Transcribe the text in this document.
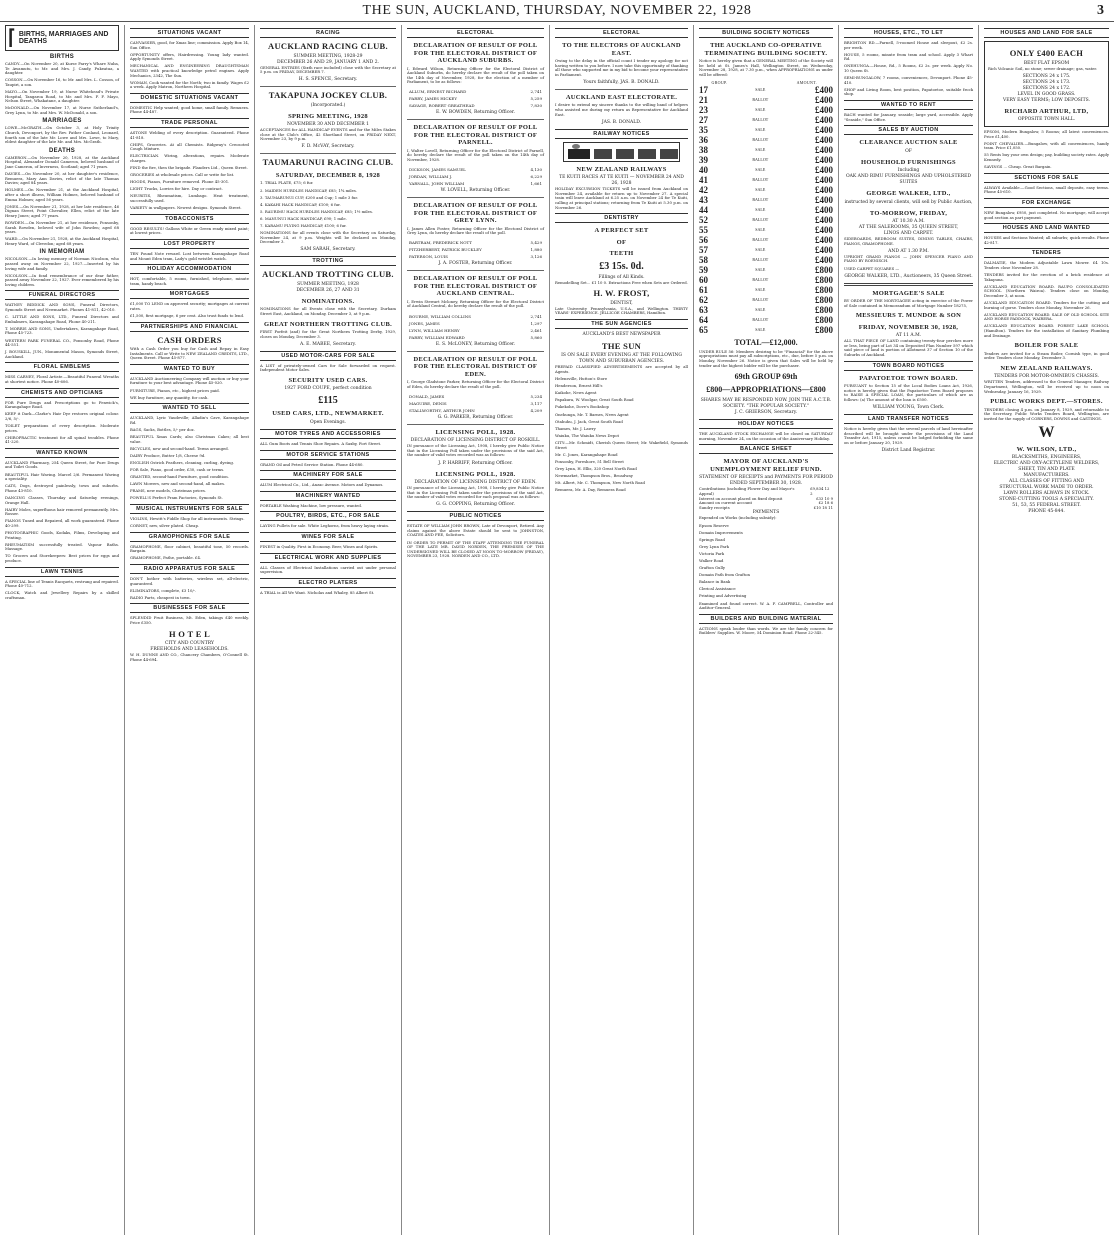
THE SUN, AUCKLAND, THURSDAY, NOVEMBER 22, 1928	3
⌈ BIRTHS, MARRIAGES AND DEATHS
BIRTHS
CANDY.—On November 20, at Kurse Parry's Whare Nuba, Te Awamutu, to Mr. and Mrs. J. Candy, Pukeatua, a daughter.
COSSON.—On November 16, to Mr. and Mrs. L. Cosson, of Taupiri, a son.
MAYO.—On November 19, at Nurse Whitehead's Private Hospital, Tangaroa Road, to Mr. and Mrs. F. F. Mayo, Nelson Street, Whakatane, a daughter.
McDONALD.—On November 17, at Nurse Sutherland's, Grey Lynn, to Mr. and Mrs. W. McDonald, a son.
MARRIAGES
LOWE—McGRATH.—On October 3, at Holy Trinity Church, Devonport, by the Rev. Father Conland, Leonard, fourth son of the late Mr. Lowe and Mrs. Lowe, to Mary, eldest daughter of the late Mr. and Mrs. McGrath.
DEATHS
CAMERON.—On November 20, 1928, at the Auckland Hospital, Alexander Donald Cameron, beloved husband of Jane Cameron, of Inverness, Scotland; aged 71 years.
DAVIES.—On November 20, at her daughter's residence, Remuera, Mary Ann Davies, relict of the late Thomas Davies; aged 84 years.
HOLMES.—On November 21, at the Auckland Hospital, after a short illness, William Holmes, beloved husband of Emma Holmes; aged 56 years.
JONES.—On November 21, 1928, at her late residence, 46 Dignan Street, Point Chevalier, Ellen, relict of the late Henry Jones; aged 77 years.
ROWDEN.—On November 21, at her residence, Ponsonby, Sarah Rowden, beloved wife of John Rowden; aged 68 years.
WARD.—On November 21, 1928, at the Auckland Hospital, Henry Ward, of Clevedon; aged 68 years.
IN MEMORIAM
NICOLSON.—In loving memory of Norman Nicolson, who passed away on November 22, 1927.—Inserted by his loving wife and family.
NICOLSON.—In fond remembrance of our dear father, passed away November 22, 1927. Ever remembered by his loving children.
FUNERAL DIRECTORS
WATNEY BIDDICK AND SONS, Funeral Directors, Symonds Street and Newmarket. Phones 41-811, 42-010.
C. LITTLE AND SONS, LTD., Funeral Directors and Embalmers, Karangahape Road, Phone 40-211.
T. MORRIS AND SONS, Undertakers, Karangahape Road, Phone 45-723.
WESTERN PARK FUNERAL CO., Ponsonby Road, Phone 44-551.
J. BOUSKILL, JUN., Monumental Mason, Symonds Street, Auckland.
FLORAL EMBLEMS
MISS CARNEY, Floral Artiste.—Beautiful Funeral Wreaths at shortest notice. Phone 40-606.
CHEMISTS AND OPTICIANS
FOR Pure Drugs and Prescriptions go to Fenwick's, Karangahape Road.
KEEP it Dark—Clarke's Hair Dye restores original colour. 2/6, 5/-.
TOILET preparations of every description. Moderate prices.
CHIROPRACTIC treatment for all spinal troubles. Phone 41-220.
WANTED KNOWN
AUCKLAND Pharmacy, 254 Queen Street, for Pure Drugs and Toilet Goods.
BEAUTIFUL Hair Waving. Marcel 2/6. Permanent Waving a speciality.
CATS, Dogs, destroyed painlessly, town and suburbs. Phone 43-810.
DANCING Classes, Thursday and Saturday evenings, Orange Hall.
HAIRY Moles, superfluous hair removed permanently. Mrs. Rosser.
PIANOS Tuned and Repaired, all work guaranteed. Phone 40-299.
PHOTOGRAPHIC Goods, Kodaks, Films, Developing and Printing.
RHEUMATISM successfully treated. Vapour Baths. Massage.
TO Grocers and Storekeepers: Best prices for eggs and produce.
LAWN TENNIS
A SPECIAL line of Tennis Racquets, restrung and repaired. Phone 40-712.
CLOCK, Watch and Jewellery Repairs by a skilled craftsman.
SITUATIONS VACANT
CANVASSER, good, for Xmas line; commission. Apply Box 14, Sun Office.
OPPORTUNITY offers, Hairdressing. Young lady wanted. Apply Symonds Street.
MECHANICAL AND ENGINEERING DRAUGHTSMAN WANTED with practical knowledge petrol engines. Apply Mechanics, 2342, The Sun.
WOMAN, Cook wanted for the North; two in family. Wages £2 a week. Apply Matron, Northern Hospital.
DOMESTIC SITUATIONS VACANT
DOMESTIC Help wanted; good home, small family. Remuera. Phone 44-487.
TRADE PERSONAL
ASTONE Welding of every description. Guaranteed. Phone 41-818.
CHIPS, Groceries. At all Chemists. Ridgway's Creosoted Cough Mixture.
ELECTRICIAN. Wiring, alterations, repairs. Moderate charges.
FIND the fire, then the brigade. Flanders Ltd., Queen Street.
GROCERIES at wholesale prices. Call or write for list.
HOODS, Pianos, Furniture removed. Phone 45-301.
LIGHT Trucks, Lorries for hire. Day or contract.
NEURITIS, Rheumatism, Lumbago. Heat treatment, successfully used.
VARIETY in wallpapers. Newest designs. Symonds Street.
TOBACCONISTS
GOOD RESULTS! Gallons White or Green ready mixed paint; at lowest prices.
LOST PROPERTY
TEN Pound Note reward. Lost between Karangahape Road and Mount Eden tram, Lady's gold wristlet watch.
HOLIDAY ACCOMMODATION
HOT, comfortable, 5 rooms, furnished, telephone, minute tram, handy beach.
MORTGAGES
£1,000 TO LEND on approved security; mortgages at current rates.
£1,500, first mortgage, 6 per cent. Also trust funds to lend.
PARTNERSHIPS AND FINANCIAL
CASH ORDERS
With a Cash Order you buy for Cash and Repay in Easy Instalments. Call or Write to NEW ZEALAND CREDITS, LTD., Queen Street. Phone 45-877.
WANTED TO BUY
AUCKLAND Auctioneering Company will auction or buy your furniture to your best advantage. Phone 45-020.
FURNITURE, Pianos, etc., highest prices paid.
WE buy furniture, any quantity, for cash.
WANTED TO SELL
AUCKLAND, Lyric Vaudeville; Alladin's Cave, Karangahape Rd.
BAGS, Sacks, Bottles, 5/- per doz.
BEAUTIFUL Xmas Cards; also Christmas Cakes; all best value.
BICYCLES, new and second-hand. Terms arranged.
DAIRY Produce, Butter 1/8, Cheese 9d.
ENGLISH Ostrich Feathers, cleaning, curling, dyeing.
FOR Sale, Piano, good order, £30, cash or terms.
GRANTED, second-hand Furniture, good condition.
LAWN Mowers, new and second-hand, all makes.
PRAMS, new models, Christmas prices.
POWELL'S Perfect Pram Factories, Symonds St.
MUSICAL INSTRUMENTS FOR SALE
VIOLINS, Hewitt's Fiddle Shop for all instruments. Strings.
CORNET, new, silver plated. Cheap.
GRAMOPHONES FOR SALE
GRAMOPHONE, floor cabinet, beautiful tone, 50 records. Bargain.
GRAMOPHONE, Pathe, portable. £4.
RADIO APPARATUS FOR SALE
DON'T bother with batteries, wireless set, all-electric, guaranteed.
ELIMINATORS, complete, £3 10/-.
RADIO Parts, cheapest in town.
BUSINESSES FOR SALE
SPLENDID Fruit Business, Mt. Eden, takings £40 weekly. Price £350.
H O T E L
CITY AND COUNTRY
FREEHOLDS AND LEASEHOLDS.
W. H. DUNNE AND CO., Chancery Chambers, O'Connell St. Phone 44-694.
RACING
AUCKLAND RACING CLUB.
SUMMER MEETING, 1928-29
DECEMBER 26 AND 29, JANUARY 1 AND 2.
GENERAL ENTRIES (Sixth race included) close with the Secretary at 5 p.m. on FRIDAY, DECEMBER 7.
H. S. SPENCE, Secretary.
TAKAPUNA JOCKEY CLUB.
(Incorporated.)
SPRING MEETING, 1928
NOVEMBER 30 AND DECEMBER 1
ACCEPTANCES for ALL HANDICAP EVENTS and for the Miles Stakes close at the Club's Office, 42 Shortland Street, on FRIDAY NEXT, November 23, by 9 p.m.
F. D. McVAY, Secretary.
TAUMARUNUI RACING CLUB.
SATURDAY, DECEMBER 8, 1928
1. TRIAL PLATE, £75; 6 fur.
2. MAIDEN HURDLES HANDICAP, £85; 1¾ miles.
3. TAUMARUNUI CUP, £200 and Cup; 1 mile 3 fur.
4. KAKAHI HACK HANDICAP, £100; 6 fur.
5. RAURIMU HACK HURDLES HANDICAP, £85; 1½ miles.
6. MANUNUI HACK HANDICAP, £90; 1 mile.
7. KARAMU FLYING HANDICAP, £100; 6 fur.
NOMINATIONS for all events close with the Secretary on Saturday, November 24, at 9 p.m. Weights will be declared on Monday, December 3.
SAM SARAH, Secretary.
TROTTING
AUCKLAND TROTTING CLUB.
SUMMER MEETING, 1928
DECEMBER 26, 27 AND 31
NOMINATIONS.
NOMINATIONS for all Events close with the Secretary, Durham Street East, Auckland, on Monday, December 3, at 9 p.m.
GREAT NORTHERN TROTTING CLUB.
FIRST Forfeit (and) for the Great Northern Trotting Derby, 1929, closes on Monday, December 3.
A. E. MABEE, Secretary.
USED MOTOR-CARS FOR SALE
A LIST of privately-owned Cars for Sale forwarded on request. Independent Motor Sales.
SECURITY USED CARS.
1927 FORD COUPE, perfect condition
£115
USED CARS, LTD., NEWMARKET.
Open Evenings.
MOTOR TYRES AND ACCESSORIES
ALL Gum Boots and Tennis Shoe Repairs. A Saxby, Fort Street.
MOTOR SERVICE STATIONS
GRAND Oil and Petrol Service Station. Phone 44-680.
MACHINERY FOR SALE
ALUM Electrical Co., Ltd., Anzac Avenue. Motors and Dynamos.
MACHINERY WANTED
PORTABLE Washing Machine, low pressure, wanted.
POULTRY, BIRDS, ETC., FOR SALE
LAYING Pullets for sale. White Leghorns, from heavy laying strain.
WINES FOR SALE
FINEST in Quality. First in Economy. Beer, Wines and Spirits.
ELECTRICAL WORK AND SUPPLIES
ALL Classes of Electrical Installations carried out under personal supervision.
ELECTRO PLATERS
A TRIAL is All We Want. Nicholas and Whaley, 85 Albert St.
ELECTORAL
DECLARATION OF RESULT OF POLL FOR THE ELECTORAL DISTRICT OF AUCKLAND SUBURBS.
I, Edward Wilson, Returning Officer for the Electoral District of Auckland Suburbs, do hereby declare the result of the poll taken on the 14th day of November, 1928, for the election of a member of Parliament, to be as follows:
ALLUM, ERNEST RICHARD	2,741
PARRY, JAMES HICKEY	5,259
SAVAGE, ROBERT GREATHEAD	7,830
E. W. BOWDEN, Returning Officer.
DECLARATION OF RESULT OF POLL FOR THE ELECTORAL DISTRICT OF PARNELL.
I, Walter Lovell, Returning Officer for the Electoral District of Parnell, do hereby declare the result of the poll taken on the 14th day of November, 1928.
DICKSON, JAMES SAMUEL	4,130
JORDAN, WILLIAM J.	6,229
YARNALL, JOHN WILLIAM	1,661
W. LOVELL, Returning Officer.
DECLARATION OF RESULT OF POLL FOR THE ELECTORAL DISTRICT OF GREY LYNN.
I, James Allen Foster, Returning Officer for the Electoral District of Grey Lynn, do hereby declare the result of the poll.
BARTRAM, FREDERICK NOTT	5,429
FITZHERBERT, PATRICK BUCKLEY	1,880
PATERSON, LOUIS	3,126
J. A. FOSTER, Returning Officer.
DECLARATION OF RESULT OF POLL FOR THE ELECTORAL DISTRICT OF AUCKLAND CENTRAL.
I, Erwin Stewart Mcloney, Returning Officer for the Electoral District of Auckland Central, do hereby declare the result of the poll.
BOURNE, WILLIAM COLLINS	2,741
JONES, JAMES	1,297
LYNN, WILLIAM HENRY	2,461
PARRY, WILLIAM EDWARD	5,860
E. S. McLONEY, Returning Officer.
DECLARATION OF RESULT OF POLL FOR THE ELECTORAL DISTRICT OF EDEN.
I, George Gladstone Parker, Returning Officer for the Electoral District of Eden, do hereby declare the result of the poll.
DONALD, JAMES	5,234
MAGUIRE, DENIS	3,117
STALLWORTHY, ARTHUR JOHN	4,209
G. G. PARKER, Returning Officer.
LICENSING POLL, 1928.
DECLARATION OF LICENSING DISTRICT OF ROSKILL.
IN pursuance of the Licensing Act, 1908, I hereby give Public Notice that in the Licensing Poll taken under the provisions of the said Act, the number of valid votes recorded was as follows:
J. P. HARRIFF, Returning Officer.
LICENSING POLL, 1928.
DECLARATION OF LICENSING DISTRICT OF EDEN.
IN pursuance of the Licensing Act, 1908, I hereby give Public Notice that in the Licensing Poll taken under the provisions of the said Act, the number of valid votes recorded for each proposal was as follows:
G. G. COPPING, Returning Officer.
PUBLIC NOTICES
ESTATE OF WILLIAM JOHN BROWN, Late of Devonport, Retired. Any claims against the above Estate should be sent to JOHNSTON, COATES AND FEE, Solicitors.
IN ORDER TO PERMIT OF THE STAFF ATTENDING THE FUNERAL OF THE LATE MR. DAVID NORDEN, THE PREMISES OF THE UNDERSIGNED WILL BE CLOSED AT NOON TO-MORROW (FRIDAY), NOVEMBER 23, 1928. NORDEN AND CO., LTD.
ELECTORAL
TO THE ELECTORS OF AUCKLAND EAST.
Owing to the delay in the official count I tender my apology for not having written to you before. I now take this opportunity of thanking all those who supported me in my bid to become your representative in Parliament.
Yours faithfully, JAS. B. DONALD.
AUCKLAND EAST ELECTORATE.
I desire to extend my sincere thanks to the willing band of helpers who assisted me during my return as Representative for Auckland East.
JAS. B. DONALD.
RAILWAY NOTICES
NEW ZEALAND RAILWAYS
TE KUITI RACES AT TE KUITI — NOVEMBER 24 AND 26, 1928
HOLIDAY EXCURSION TICKETS will be issued from Auckland on November 24, available for return up to November 27. A special train will leave Auckland at 6.25 a.m. on November 24 for Te Kuiti, calling at principal stations; returning from Te Kuiti at 5.30 p.m. on November 26.
DENTISTRY
A PERFECT SET
OF
TEETH
£3 15s. 0d.
Fillings of All Kinds.
Remodelling Set... £1 10 0. Extractions Free when Sets are Ordered.
H. W. FROST,
DENTIST,
Late University Pennsylvania, U.S.A., and Wellington. THIRTY YEARS' EXPERIENCE. JELLICOE CHAMBERS, Hamilton.
THE SUN AGENCIES
AUCKLAND'S BEST NEWSPAPER
THE SUN
IS ON SALE EVERY EVENING AT THE FOLLOWING TOWN AND SUBURBAN AGENCIES.
PREPAID CLASSIFIED ADVERTISEMENTS are accepted by all Agents.
Helensville, Hutton's Store
Henderson, Ernest Hill's
Kaikohe, News Agent
Papakura, W. Woolgar, Great South Road
Pukekohe, Dove's Bookshop
Onehunga, Mr. T. Barnes, News Agent
Otahuhu, J. Jack, Great South Road
Thames, Mr. J. Lawry
Waiuku, The Waiuku News Depot
CITY:—Mr. Schmidt, Cherish Queen Street; Mr. Wakefield, Symonds Street
Mr. C. Jones, Karangahape Road
Ponsonby, Foreshore, 51 Bell Street
Grey Lynn, H. Ellis, 320 Great North Road
Newmarket, Thompson Bros., Broadway
Mt. Albert, Mr. C. Thompson, New North Road
Remuera, Mr. A. Day, Remuera Road
BUILDING SOCIETY NOTICES
THE AUCKLAND CO-OPERATIVE TERMINATING BUILDING SOCIETY.
Notice is hereby given that a GENERAL MEETING of the Society will be held at St. James's Hall, Wellington Street, on Wednesday, November 28, 1928, at 7.30 p.m., when APPROPRIATIONS as under will be offered:
GROUP.		AMOUNT.
17	SALE	£400
21	BALLOT	£400
23	SALE	£400
27	BALLOT	£400
35	SALE	£400
36	BALLOT	£400
38	SALE	£400
39	BALLOT	£400
40	SALE	£400
41	BALLOT	£400
42	SALE	£400
43	BALLOT	£400
44	SALE	£400
52	BALLOT	£400
55	SALE	£400
56	BALLOT	£400
57	SALE	£400
58	BALLOT	£400
59	SALE	£800
60	BALLOT	£800
61	SALE	£800
62	BALLOT	£800
63	SALE	£800
64	BALLOT	£800
65	SALE	£800
TOTAL—£12,000.
UNDER RULE 56: Members desiring to be "Financial" for the above appropriations must pay all subscriptions, etc., due, before 5 p.m. on Monday, November 26. Notice is given that Sales will be held by tender and the highest bidder will be the purchaser.
69th GROUP 69th
£800—APPROPRIATIONS—£800
SHARES MAY BE RESPONDED NOW. JOIN THE A.C.T.B. SOCIETY. "THE POPULAR SOCIETY."
J. C. GRIERSON, Secretary.
HOLIDAY NOTICES
THE AUCKLAND STOCK EXCHANGE will be closed on SATURDAY morning, November 24, on the occasion of the Anniversary Holiday.
BALANCE SHEET
MAYOR OF AUCKLAND'S UNEMPLOYMENT RELIEF FUND.
STATEMENT OF RECEIPTS and PAYMENTS FOR PERIOD ENDED SEPTEMBER 30, 1928.
Contributions (including Flower Day and Mayor's Appeal)
£9,834 12 2
Interest on account placed on fixed deposit	£33 10 9
Amount on current account	£2 18 6
Sundry receipts	£10 18 11
PAYMENTS
Expended on Works (including subsidy):
Epsom Reserve
Domain Improvements
Springs Road
Grey Lynn Park
Victoria Park
Walker Road
Grafton Gully
Domain Path from Grafton
Balance in Bank
Clerical Assistance
Printing and Advertising
Examined and found correct. W. A. F. CAMPBELL, Controller and Auditor-General.
BUILDERS AND BUILDING MATERIAL
ACTIONS speak louder than words. We are the family concern for Builders' Supplies. W. Moore, 54 Dominion Road. Phone 22-345.
HOUSES, ETC., TO LET
BRIGHTON RD.—Parnell, 5-roomed House and sleepout, £2 2s. per week.
HOUSE, 5 rooms, minute from tram and school. Apply 3 Whart Rd.
ONEHUNGA.—House, Rd., 5 Rooms, £2 2s. per week. Apply No. 10 Queen St.
SEMI-BUNGALOW, 7 rooms, conveniences, Devonport. Phone 45-410.
SHOP and Living Room, best position, Papatoetoe, suitable frock shop.
WANTED TO RENT
BACH wanted for January, seaside; large yard, accessible. Apply "Seaside," Sun Office.
SALES BY AUCTION
CLEARANCE AUCTION SALE
OF
HOUSEHOLD FURNISHINGS
Including
OAK AND RIMU FURNISHINGS AND UPHOLSTERED SUITES
GEORGE WALKER, LTD.,
instructed by several clients, will sell by Public Auction,
TO-MORROW, FRIDAY,
AT 10.30 A.M.
AT THE SALEROOMS, 35 QUEEN STREET,
LINOS AND CARPET.
SIDEBOARDS, BEDROOM SUITES, DINING TABLES, CHAIRS, PIANOS, GRAMOPHONE.
AND AT 1.30 P.M.
UPRIGHT GRAND PIANOS — JOHN SPENCER PIANO AND PIANO BY ROENISCH.
USED CARPET SQUARES —
GEORGE WALKER, LTD., Auctioneers, 35 Queen Street.
MORTGAGEE'S SALE
BY ORDER OF THE MORTGAGEE acting in exercise of the Power of Sale contained in Memorandum of Mortgage Number 18275,
MESSIEURS T. MUNDOE & SON
FRIDAY, NOVEMBER 30, 1928,
AT 11 A.M.
ALL THAT PIECE OF LAND containing twenty-four perches more or less, being part of Lot 34 on Deposited Plan Number 597 which said piece of land is portion of Allotment 37 of Section 10 of the Suburbs of Auckland.
TOWN BOARD NOTICES
PAPATOETOE TOWN BOARD.
PURSUANT to Section 15 of the Local Bodies Loans Act, 1926, notice is hereby given that the Papatoetoe Town Board proposes to RAISE A SPECIAL LOAN, the particulars of which are as follows: (a) The amount of the loan is £500.
WILLIAM YOUNG, Town Clerk.
LAND TRANSFER NOTICES
Notice is hereby given that the several parcels of land hereinafter described will be brought under the provisions of the Land Transfer Act, 1915, unless caveat be lodged forbidding the same on or before January 20, 1929.
District Land Registrar.
HOUSES AND LAND FOR SALE
ONLY £400 EACH
BEST FLAT EPSOM
Rich Volcanic Soil, no stone; sewer drainage; gas, water.
SECTIONS 24 x 175.
SECTIONS 24 x 173.
SECTIONS 24 x 172.
LEVEL IN GOOD GRASS.
VERY EASY TERMS; LOW DEPOSITS.
RICHARD ARTHUR, LTD,
OPPOSITE TOWN HALL.
EPSOM, Modern Bungalow, 5 Rooms; all latest conveniences. Price £1,400.
POINT CHEVALIER.—Bungalow, with all conveniences, handy tram. Price £1,050.
55 Rents buy your own design; pay, building society rates. Apply Kennedy.
SAVINGS ... Cheap. Great Bargain.
SECTIONS FOR SALE
ALWAYS Available.—Good Sections, small deposits, easy terms. Phone 45-610.
FOR EXCHANGE
NEW Bungalow, £950, just completed. No mortgage, will accept good section as part payment.
HOUSES AND LAND WANTED
HOUSES and Sections Wanted; all suburbs; quick results. Phone 42-817.
TENDERS
DALMATIE, the Modern Adjustable Lawn Mower. £4 10s. Tenders close November 28.
TENDERS invited for the erection of a brick residence at Takapuna.
AUCKLAND EDUCATION BOARD. RAUPO CONSOLIDATED SCHOOL (Northern Wairoa). Tenders close on Monday, December 3, at noon.
AUCKLAND EDUCATION BOARD. Tenders for the cutting and burning of gorse. Tenders close Monday, November 26.
AUCKLAND EDUCATION BOARD. SALE OF OLD SCHOOL SITE AND HORSE PADDOCK, WAIRERA.
AUCKLAND EDUCATION BOARD. FOREST LAKE SCHOOL (Hamilton). Tenders for the installation of Sanitary Plumbing and Drainage.
BOILER FOR SALE
Tenders are invited for a Steam Boiler, Cornish type, in good order. Tenders close Monday, December 3.
NEW ZEALAND RAILWAYS.
TENDERS FOR MOTOR-OMNIBUS CHASSIS.
WRITTEN Tenders, addressed to the General Manager, Railway Department, Wellington, will be received up to noon on Wednesday, January 16, 1929.
PUBLIC WORKS DEPT.—STORES.
TENDERS closing 4 p.m. on January 8, 1929, and returnable to the Secretary, Public Works Tenders Board, Wellington, are invited for the supply of CORNERS, DOWNS and CASTINGS.
W
W. WILSON, LTD.,
BLACKSMITHS, ENGINEERS,
ELECTRIC AND OXY-ACETYLENE WELDERS,
SHEET, TIN AND PLATE
MANUFACTURERS.
ALL CLASSES OF FITTING AND
STRUCTURAL WORK MADE TO ORDER.
LAWN ROLLERS ALWAYS IN STOCK.
STONE-CUTTING TOOLS A SPECIALITY.
51, 53, 55 FEDERAL STREET.
PHONE 45-844.
